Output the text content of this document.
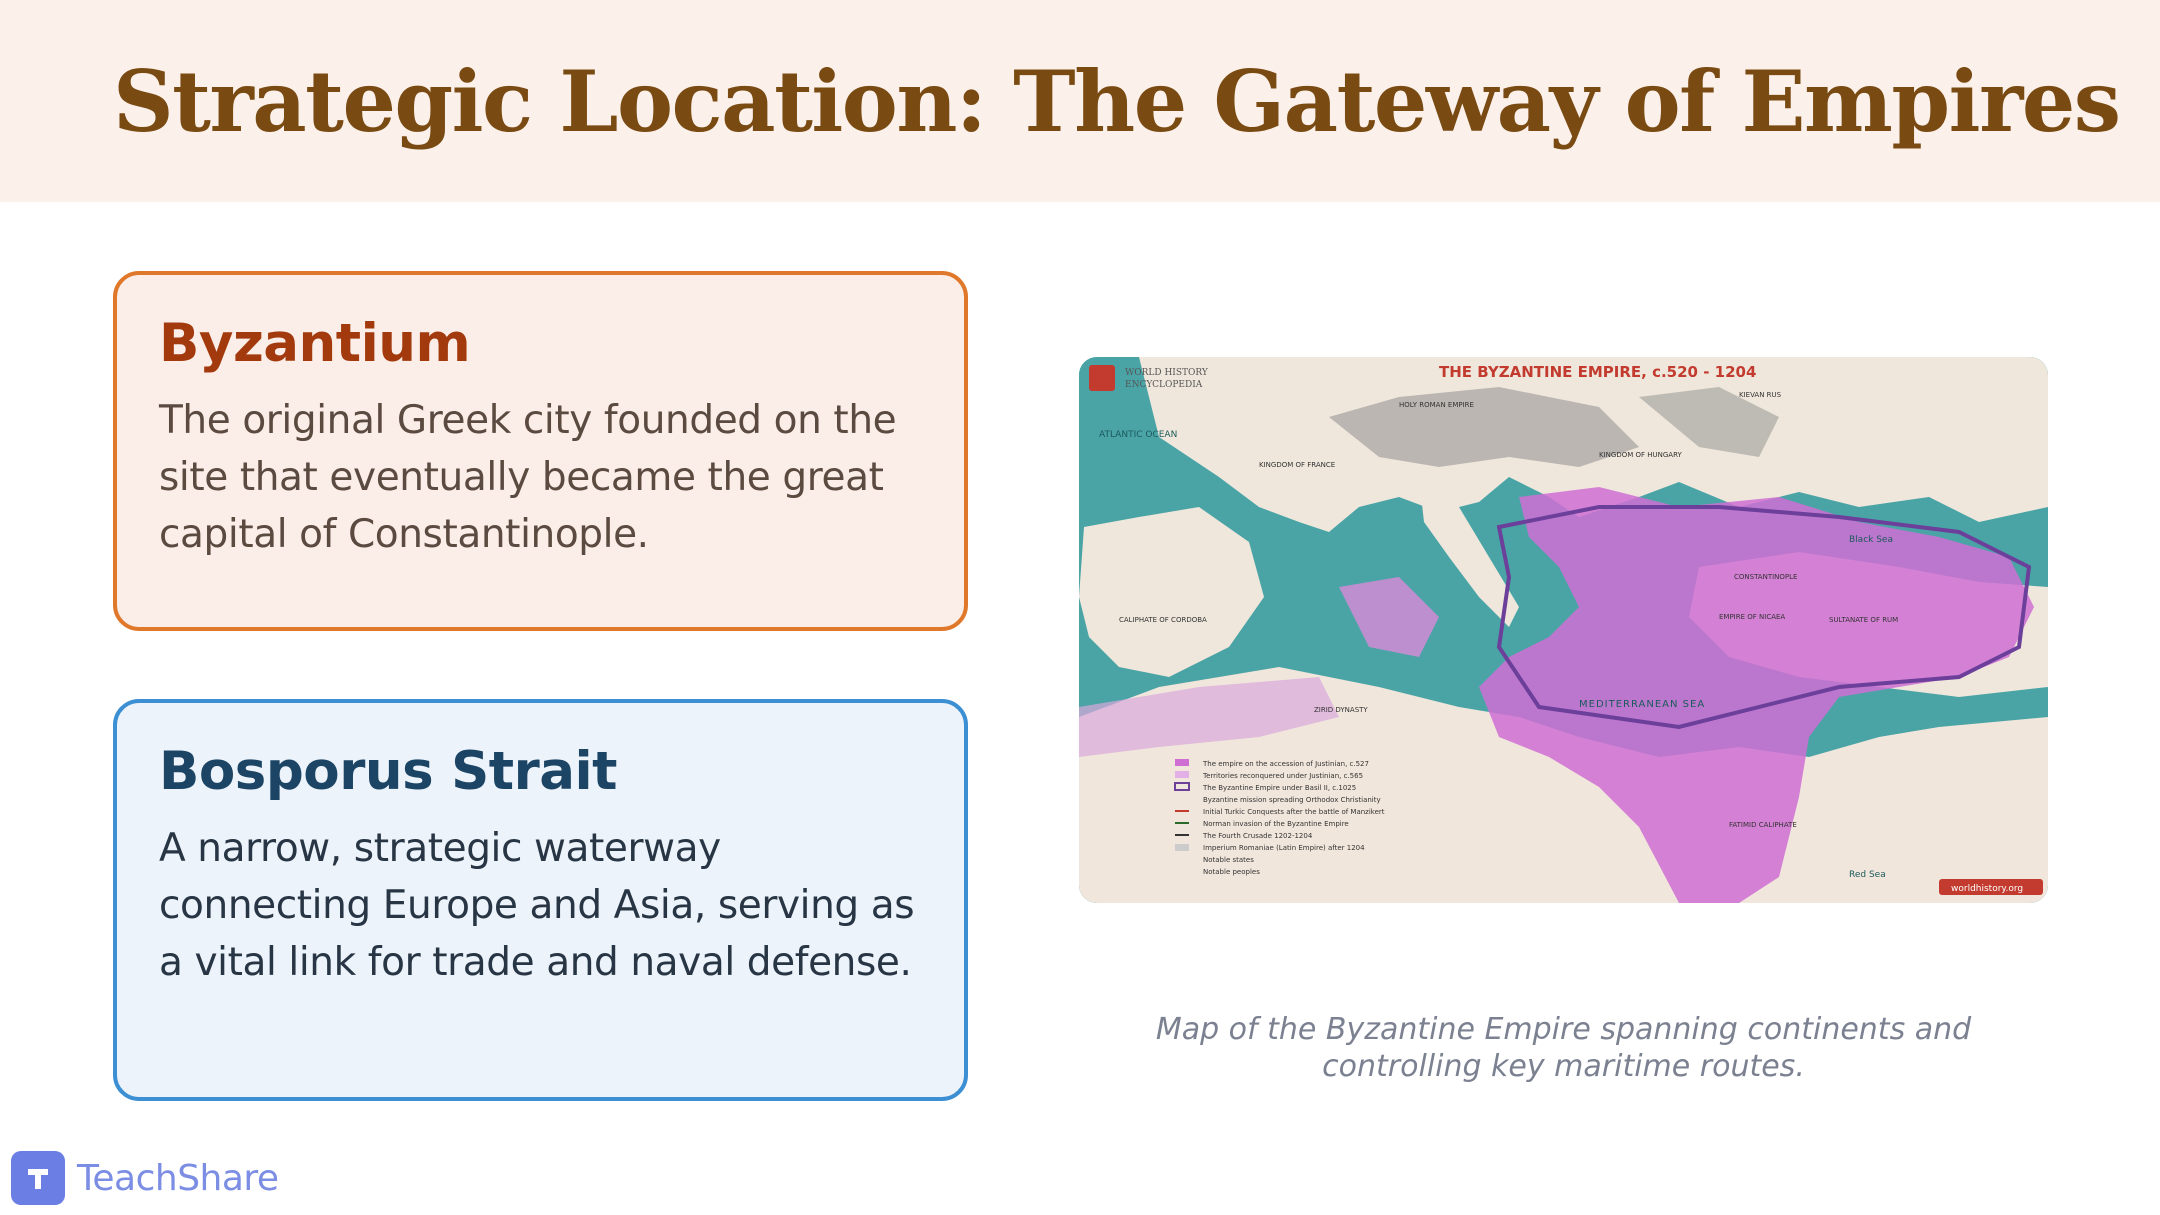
Strategic Location: The Gateway of Empires
Byzantium

The original Greek city founded on the site that eventually became the great capital of Constantinople.

Bosporus Strait

A narrow, strategic waterway connecting Europe and Asia, serving as a vital link for trade and naval defense.

THE BYZANTINE EMPIRE, c.520 - 1204
WORLD HISTORY
ENCYCLOPEDIA
ATLANTIC OCEAN
MEDITERRANEAN SEA
Black Sea
Red Sea
CONSTANTINOPLE
KINGDOM OF FRANCE
HOLY ROMAN EMPIRE
KIEVAN RUS
KINGDOM OF HUNGARY
FATIMID CALIPHATE
SULTANATE OF RUM
EMPIRE OF NICAEA
ZIRID DYNASTY
CALIPHATE OF CORDOBA
The empire on the accession of Justinian, c.527
Territories reconquered under Justinian, c.565
The Byzantine Empire under Basil II, c.1025
Byzantine mission spreading Orthodox Christianity
Initial Turkic Conquests after the battle of Manzikert
Norman invasion of the Byzantine Empire
The Fourth Crusade 1202-1204
Imperium Romaniae (Latin Empire) after 1204
Notable states
Notable peoples
worldhistory.org

Map of the Byzantine Empire spanning continents and controlling key maritime routes.

TeachShare
